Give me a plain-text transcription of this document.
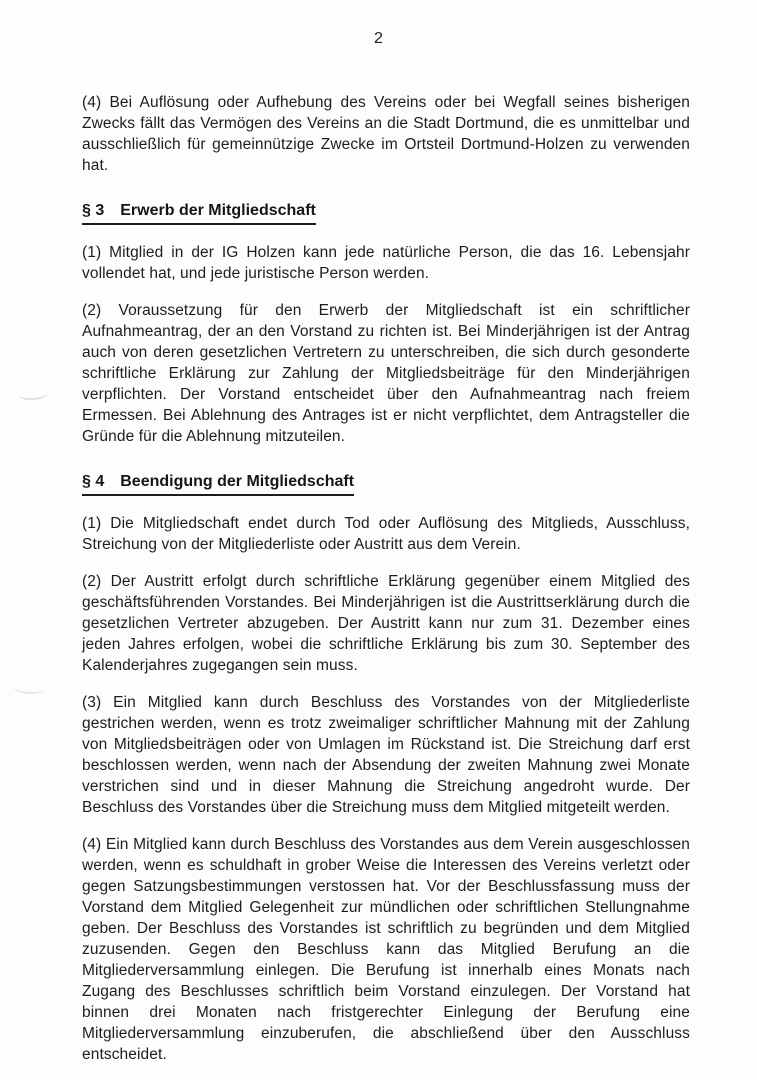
2

(4) Bei Auflösung oder Aufhebung des Vereins oder bei Wegfall seines bisherigen Zwecks fällt das Vermögen des Vereins an die Stadt Dortmund, die es unmittelbar und ausschließlich für gemeinnützige Zwecke im Ortsteil Dortmund-Holzen zu verwenden hat.

§ 3 Erwerb der Mitgliedschaft

(1) Mitglied in der IG Holzen kann jede natürliche Person, die das 16. Lebensjahr vollendet hat, und jede juristische Person werden.

(2) Voraussetzung für den Erwerb der Mitgliedschaft ist ein schriftlicher Aufnahmeantrag, der an den Vorstand zu richten ist. Bei Minderjährigen ist der Antrag auch von deren gesetzlichen Vertretern zu unterschreiben, die sich durch gesonderte schriftliche Erklärung zur Zahlung der Mitgliedsbeiträge für den Minderjährigen verpflichten. Der Vorstand entscheidet über den Aufnahmeantrag nach freiem Ermessen. Bei Ablehnung des Antrages ist er nicht verpflichtet, dem Antragsteller die Gründe für die Ablehnung mitzuteilen.

§ 4 Beendigung der Mitgliedschaft

(1) Die Mitgliedschaft endet durch Tod oder Auflösung des Mitglieds, Ausschluss, Streichung von der Mitgliederliste oder Austritt aus dem Verein.

(2) Der Austritt erfolgt durch schriftliche Erklärung gegenüber einem Mitglied des geschäftsführenden Vorstandes. Bei Minderjährigen ist die Austrittserklärung durch die gesetzlichen Vertreter abzugeben. Der Austritt kann nur zum 31. Dezember eines jeden Jahres erfolgen, wobei die schriftliche Erklärung bis zum 30. September des Kalenderjahres zugegangen sein muss.

(3) Ein Mitglied kann durch Beschluss des Vorstandes von der Mitgliederliste gestrichen werden, wenn es trotz zweimaliger schriftlicher Mahnung mit der Zahlung von Mitgliedsbeiträgen oder von Umlagen im Rückstand ist. Die Streichung darf erst beschlossen werden, wenn nach der Absendung der zweiten Mahnung zwei Monate verstrichen sind und in dieser Mahnung die Streichung angedroht wurde. Der Beschluss des Vorstandes über die Streichung muss dem Mitglied mitgeteilt werden.

(4) Ein Mitglied kann durch Beschluss des Vorstandes aus dem Verein ausgeschlossen werden, wenn es schuldhaft in grober Weise die Interessen des Vereins verletzt oder gegen Satzungsbestimmungen verstossen hat. Vor der Beschlussfassung muss der Vorstand dem Mitglied Gelegenheit zur mündlichen oder schriftlichen Stellungnahme geben. Der Beschluss des Vorstandes ist schriftlich zu begründen und dem Mitglied zuzusenden. Gegen den Beschluss kann das Mitglied Berufung an die Mitgliederversammlung einlegen. Die Berufung ist innerhalb eines Monats nach Zugang des Beschlusses schriftlich beim Vorstand einzulegen. Der Vorstand hat binnen drei Monaten nach fristgerechter Einlegung der Berufung eine Mitgliederversammlung einzuberufen, die abschließend über den Ausschluss entscheidet.
